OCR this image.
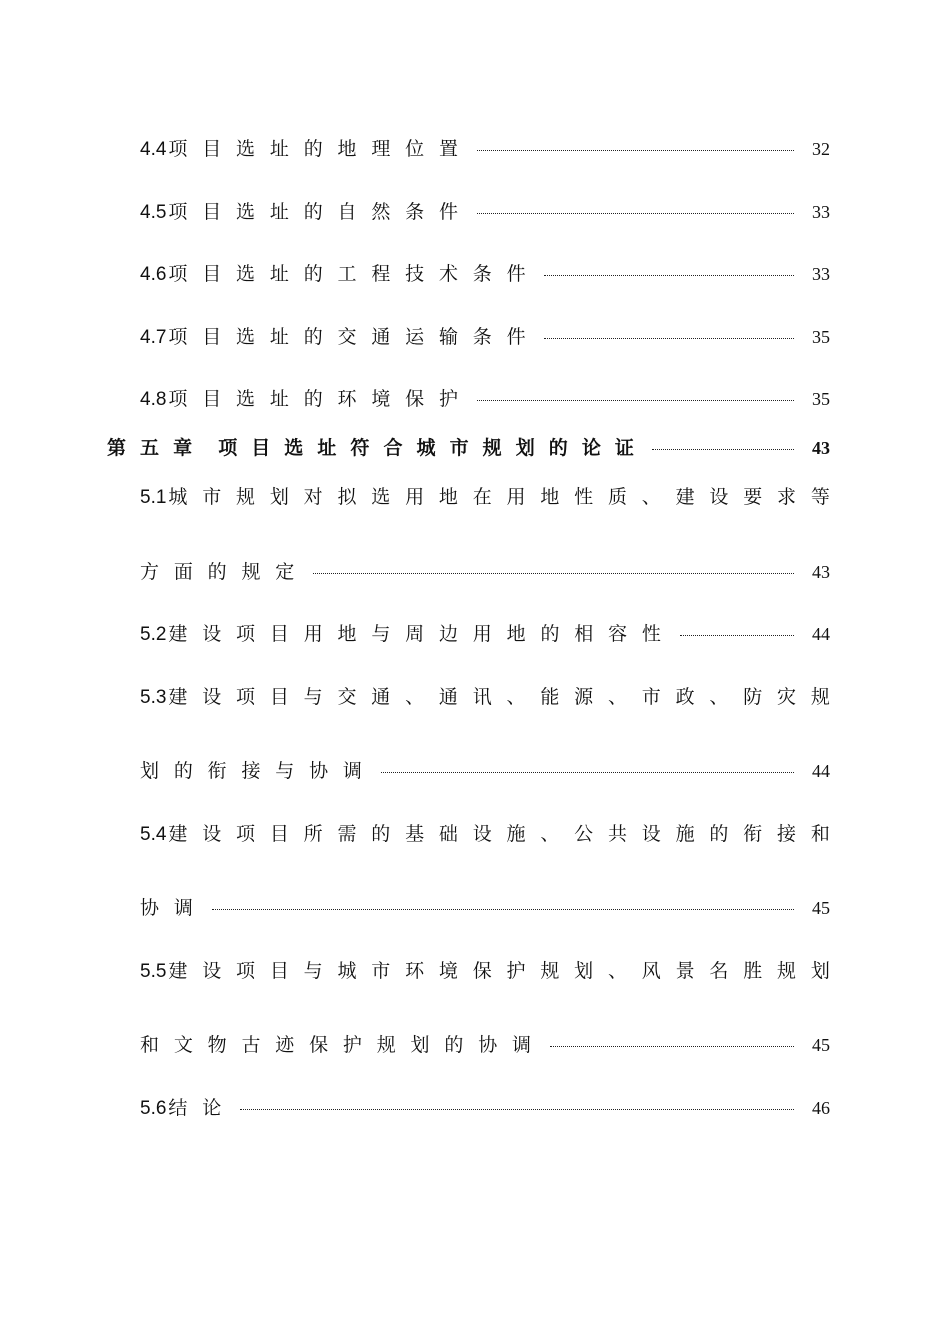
4.4 项目选址的地理位置	32
4.5 项目选址的自然条件	33
4.6 项目选址的工程技术条件	33
4.7 项目选址的交通运输条件	35
4.8 项目选址的环境保护	35
第五章 项目选址符合城市规划的论证	43
5.1 城 市 规 划 对 拟 选 用 地 在 用 地 性 质 、 建 设 要 求 等
方面的规定	43
5.2 建设项目用地与周边用地的相容性	44
5.3 建 设 项 目 与 交 通 、 通 讯 、 能 源 、 市 政 、 防 灾 规
划的衔接与协调	44
5.4 建 设 项 目 所 需 的 基 础 设 施 、 公 共 设 施 的 衔 接 和
协调	45
5.5 建 设 项 目 与 城 市 环 境 保 护 规 划 、 风 景 名 胜 规 划
和文物古迹保护规划的协调	45
5.6 结论	46
